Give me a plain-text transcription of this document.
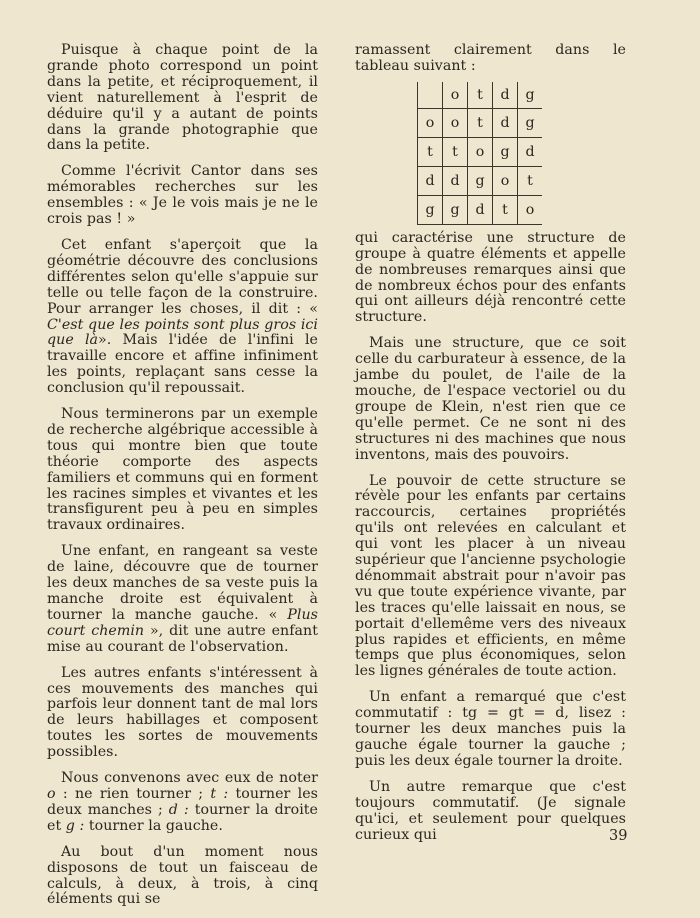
Puisque à chaque point de la grande photo correspond un point dans la petite, et réciproquement, il vient naturellement à l'esprit de déduire qu'il y a autant de points dans la grande photographie que dans la petite.

Comme l'écrivit Cantor dans ses mémorables recherches sur les ensembles : « Je le vois mais je ne le crois pas ! »

Cet enfant s'aperçoit que la géométrie découvre des conclusions différentes selon qu'elle s'appuie sur telle ou telle façon de la construire. Pour arranger les choses, il dit : « C'est que les points sont plus gros ici que là». Mais l'idée de l'infini le travaille encore et affine infiniment les points, replaçant sans cesse la conclusion qu'il repoussait.

Nous terminerons par un exemple de recherche algébrique accessible à tous qui montre bien que toute théorie comporte des aspects familiers et communs qui en forment les racines simples et vivantes et les transfigurent peu à peu en simples travaux ordinaires.

Une enfant, en rangeant sa veste de laine, découvre que de tourner les deux manches de sa veste puis la manche droite est équivalent à tourner la manche gauche. « Plus court chemin », dit une autre enfant mise au courant de l'observation.

Les autres enfants s'intéressent à ces mouvements des manches qui parfois leur donnent tant de mal lors de leurs habillages et composent toutes les sortes de mouvements possibles.

Nous convenons avec eux de noter o : ne rien tourner ; t : tourner les deux manches ; d : tourner la droite et g : tourner la gauche.

Au bout d'un moment nous disposons de tout un faisceau de calculs, à deux, à trois, à cinq éléments qui se

ramassent clairement dans le tableau suivant :

	o	t	d	g
o	o	t	d	g
t	t	o	g	d
d	d	g	o	t
g	g	d	t	o

qui caractérise une structure de groupe à quatre éléments et appelle de nombreuses remarques ainsi que de nombreux échos pour des enfants qui ont ailleurs déjà rencontré cette structure.

Mais une structure, que ce soit celle du carburateur à essence, de la jambe du poulet, de l'aile de la mouche, de l'espace vectoriel ou du groupe de Klein, n'est rien que ce qu'elle permet. Ce ne sont ni des structures ni des machines que nous inventons, mais des pouvoirs.

Le pouvoir de cette structure se révèle pour les enfants par certains raccourcis, certaines propriétés qu'ils ont relevées en calculant et qui vont les placer à un niveau supérieur que l'ancienne psychologie dénommait abstrait pour n'avoir pas vu que toute expérience vivante, par les traces qu'elle laissait en nous, se portait d'ellemême vers des niveaux plus rapides et efficients, en même temps que plus économiques, selon les lignes générales de toute action.

Un enfant a remarqué que c'est commutatif : tg = gt = d, lisez : tourner les deux manches puis la gauche égale tourner la gauche ; puis les deux égale tourner la droite.

Un autre remarque que c'est toujours commutatif. (Je signale qu'ici, et seulement pour quelques curieux qui	39
